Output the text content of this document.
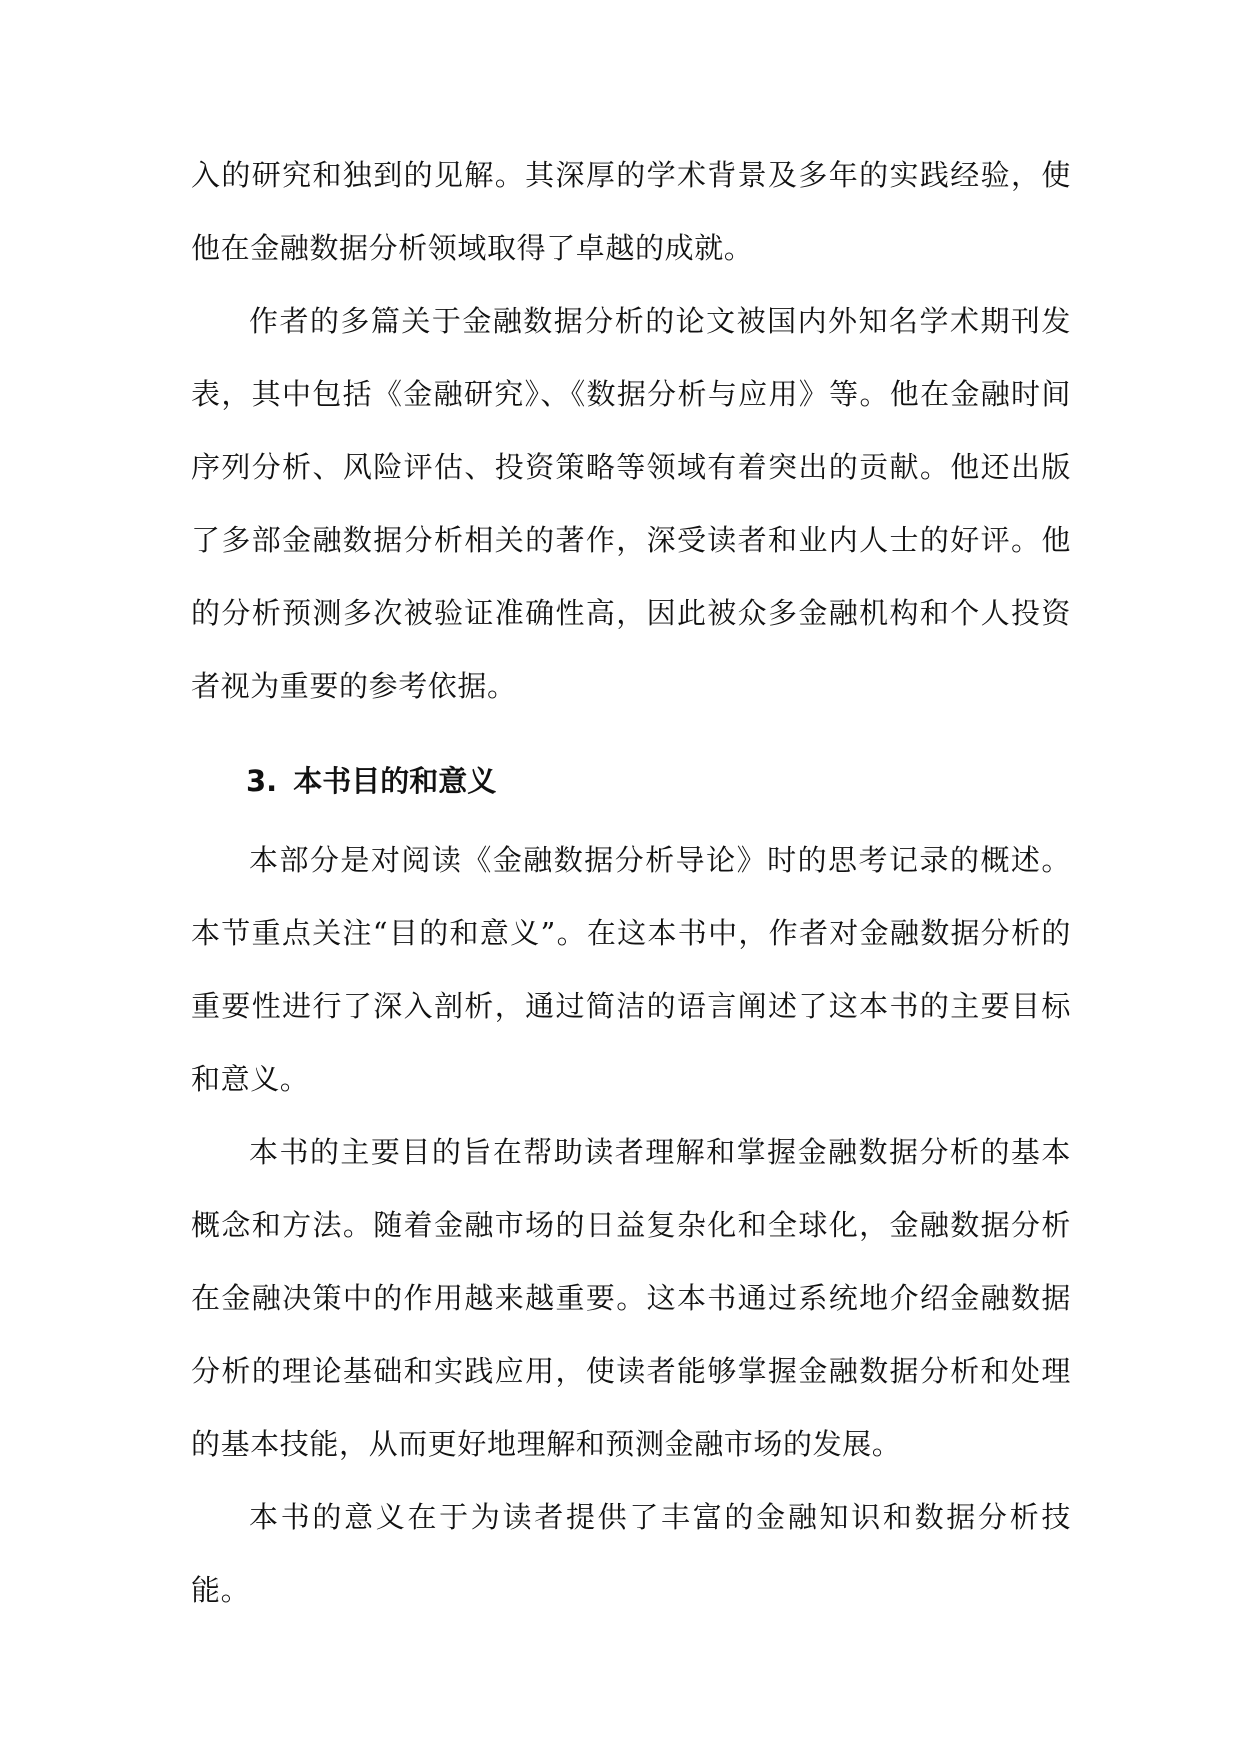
入的研究和独到的见解。其深厚的学术背景及多年的实践经验，使他在金融数据分析领域取得了卓越的成就。

作者的多篇关于金融数据分析的论文被国内外知名学术期刊发表，其中包括《金融研究》、《数据分析与应用》等。他在金融时间序列分析、风险评估、投资策略等领域有着突出的贡献。他还出版了多部金融数据分析相关的著作，深受读者和业内人士的好评。他的分析预测多次被验证准确性高，因此被众多金融机构和个人投资者视为重要的参考依据。

3. 本书目的和意义

本部分是对阅读《金融数据分析导论》时的思考记录的概述。本节重点关注“目的和意义”。在这本书中，作者对金融数据分析的重要性进行了深入剖析，通过简洁的语言阐述了这本书的主要目标和意义。

本书的主要目的旨在帮助读者理解和掌握金融数据分析的基本概念和方法。随着金融市场的日益复杂化和全球化，金融数据分析在金融决策中的作用越来越重要。这本书通过系统地介绍金融数据分析的理论基础和实践应用，使读者能够掌握金融数据分析和处理的基本技能，从而更好地理解和预测金融市场的发展。

本书的意义在于为读者提供了丰富的金融知识和数据分析技能。
